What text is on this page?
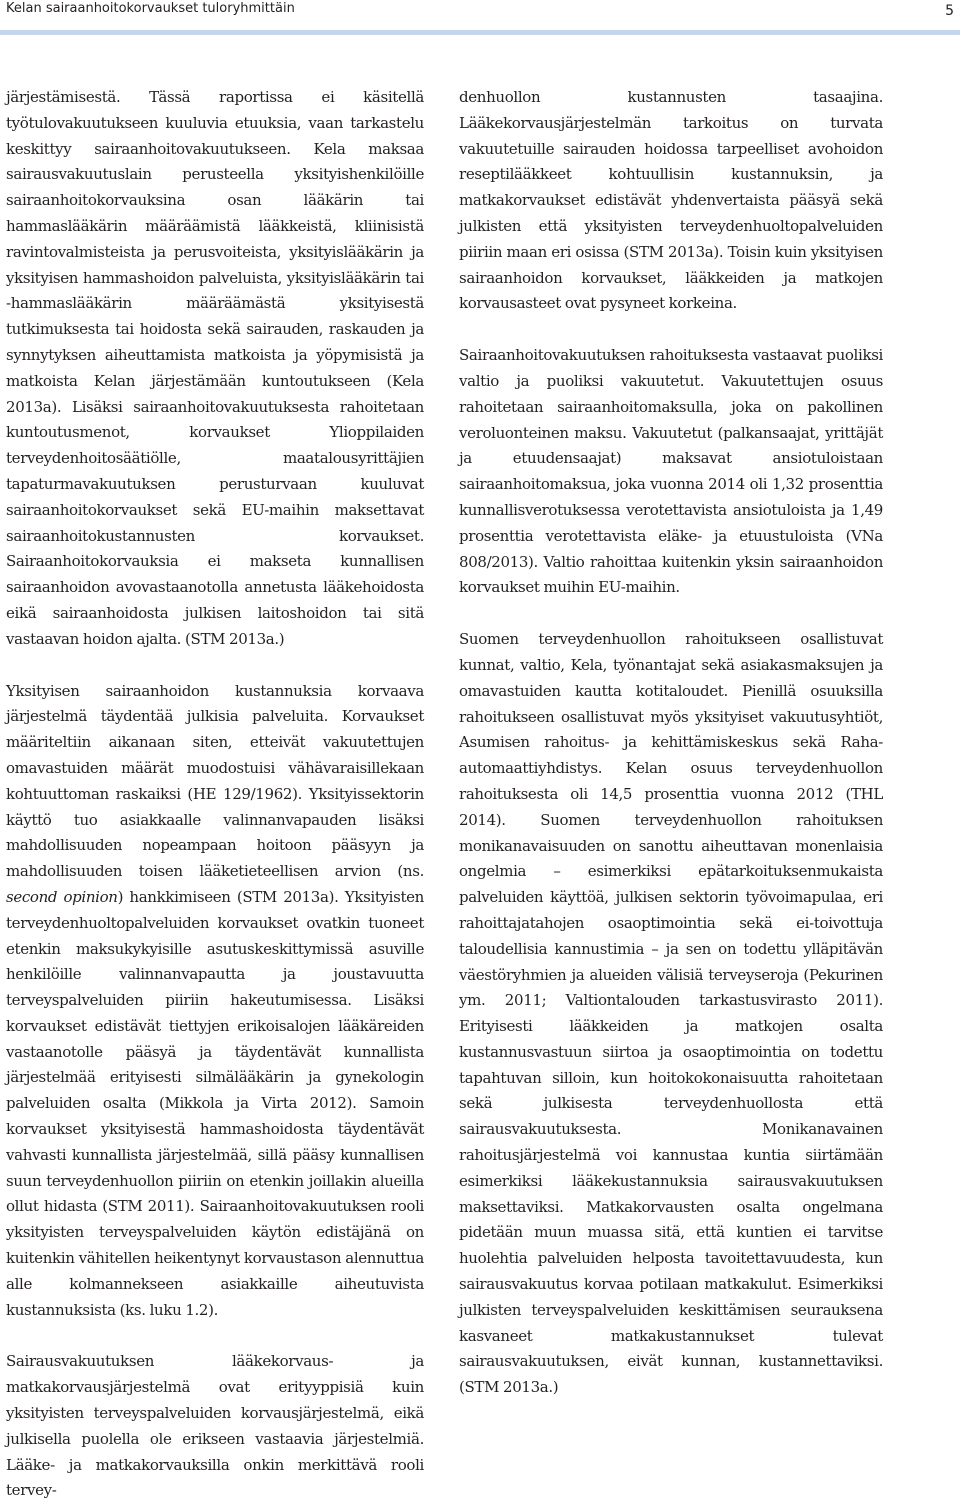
Kelan sairaanhoitokorvaukset tuloryhmittäin	5

järjestämisestä. Tässä raportissa ei käsitellä työtulovakuutukseen kuuluvia etuuksia, vaan tarkastelu keskittyy sairaanhoitovakuutukseen. Kela maksaa sairausvakuutuslain perusteella yksityishenkilöille sairaanhoitokorvauksina osan lääkärin tai hammaslääkärin määräämistä lääkkeistä, kliinisistä ravintovalmisteista ja perusvoiteista, yksityislääkärin ja yksityisen hammashoidon palveluista, yksityislääkärin tai -hammaslääkärin määräämästä yksityisestä tutkimuksesta tai hoidosta sekä sairauden, raskauden ja synnytyksen aiheuttamista matkoista ja yöpymisistä ja matkoista Kelan järjestämään kuntoutukseen (Kela 2013a). Lisäksi sairaanhoitovakuutuksesta rahoitetaan kuntoutusmenot, korvaukset Ylioppilaiden terveydenhoitosäätiölle, maatalousyrittäjien tapaturmavakuutuksen perusturvaan kuuluvat sairaanhoitokorvaukset sekä EU-maihin maksettavat sairaanhoitokustannusten korvaukset. Sairaanhoitokorvauksia ei makseta kunnallisen sairaanhoidon avovastaanotolla annetusta lääkehoidosta eikä sairaanhoidosta julkisen laitoshoidon tai sitä vastaavan hoidon ajalta. (STM 2013a.)

Yksityisen sairaanhoidon kustannuksia korvaava järjestelmä täydentää julkisia palveluita. Korvaukset määriteltiin aikanaan siten, etteivät vakuutettujen omavastuiden määrät muodostuisi vähävaraisillekaan kohtuuttoman raskaiksi (HE 129/1962). Yksityissektorin käyttö tuo asiakkaalle valinnanvapauden lisäksi mahdollisuuden nopeampaan hoitoon pääsyyn ja mahdollisuuden toisen lääketieteellisen arvion (ns. second opinion) hankkimiseen (STM 2013a). Yksityisten terveydenhuoltopalveluiden korvaukset ovatkin tuoneet etenkin maksukykyisille asutuskeskittymissä asuville henkilöille valinnanvapautta ja joustavuutta terveyspalveluiden piiriin hakeutumisessa. Lisäksi korvaukset edistävät tiettyjen erikoisalojen lääkäreiden vastaanotolle pääsyä ja täydentävät kunnallista järjestelmää erityisesti silmälääkärin ja gynekologin palveluiden osalta (Mikkola ja Virta 2012). Samoin korvaukset yksityisestä hammashoidosta täydentävät vahvasti kunnallista järjestelmää, sillä pääsy kunnallisen suun terveydenhuollon piiriin on etenkin joillakin alueilla ollut hidasta (STM 2011). Sairaanhoitovakuutuksen rooli yksityisten terveyspalveluiden käytön edistäjänä on kuitenkin vähitellen heikentynyt korvaustason alennuttua alle kolmannekseen asiakkaille aiheutuvista kustannuksista (ks. luku 1.2).

Sairausvakuutuksen lääkekorvaus- ja matkakorvausjärjestelmä ovat erityyppisiä kuin yksityisten terveyspalveluiden korvausjärjestelmä, eikä julkisella puolella ole erikseen vastaavia järjestelmiä. Lääke- ja matkakorvauksilla onkin merkittävä rooli tervey-

denhuollon kustannusten tasaajina. Lääkekorvausjärjestelmän tarkoitus on turvata vakuutetuille sairauden hoidossa tarpeelliset avohoidon reseptilääkkeet kohtuullisin kustannuksin, ja matkakorvaukset edistävät yhdenvertaista pääsyä sekä julkisten että yksityisten terveydenhuoltopalveluiden piiriin maan eri osissa (STM 2013a). Toisin kuin yksityisen sairaanhoidon korvaukset, lääkkeiden ja matkojen korvausasteet ovat pysyneet korkeina.

Sairaanhoitovakuutuksen rahoituksesta vastaavat puoliksi valtio ja puoliksi vakuutetut. Vakuutettujen osuus rahoitetaan sairaanhoitomaksulla, joka on pakollinen veroluonteinen maksu. Vakuutetut (palkansaajat, yrittäjät ja etuudensaajat) maksavat ansiotuloistaan sairaanhoitomaksua, joka vuonna 2014 oli 1,32 prosenttia kunnallisverotuksessa verotettavista ansiotuloista ja 1,49 prosenttia verotettavista eläke- ja etuustuloista (VNa 808/2013). Valtio rahoittaa kuitenkin yksin sairaanhoidon korvaukset muihin EU-maihin.

Suomen terveydenhuollon rahoitukseen osallistuvat kunnat, valtio, Kela, työnantajat sekä asiakasmaksujen ja omavastuiden kautta kotitaloudet. Pienillä osuuksilla rahoitukseen osallistuvat myös yksityiset vakuutusyhtiöt, Asumisen rahoitus- ja kehittämiskeskus sekä Raha-automaattiyhdistys. Kelan osuus terveydenhuollon rahoituksesta oli 14,5 prosenttia vuonna 2012 (THL 2014). Suomen terveydenhuollon rahoituksen monikanavaisuuden on sanottu aiheuttavan monenlaisia ongelmia – esimerkiksi epätarkoituksenmukaista palveluiden käyttöä, julkisen sektorin työvoimapulaa, eri rahoittajatahojen osaoptimointia sekä ei-toivottuja taloudellisia kannustimia – ja sen on todettu ylläpitävän väestöryhmien ja alueiden välisiä terveyseroja (Pekurinen ym. 2011; Valtiontalouden tarkastusvirasto 2011). Erityisesti lääkkeiden ja matkojen osalta kustannusvastuun siirtoa ja osaoptimointia on todettu tapahtuvan silloin, kun hoitokokonaisuutta rahoitetaan sekä julkisesta terveydenhuollosta että sairausvakuutuksesta. Monikanavainen rahoitusjärjestelmä voi kannustaa kuntia siirtämään esimerkiksi lääkekustannuksia sairausvakuutuksen maksettaviksi. Matkakorvausten osalta ongelmana pidetään muun muassa sitä, että kuntien ei tarvitse huolehtia palveluiden helposta tavoitettavuudesta, kun sairausvakuutus korvaa potilaan matkakulut. Esimerkiksi julkisten terveyspalveluiden keskittämisen seurauksena kasvaneet matkakustannukset tulevat sairausvakuutuksen, eivät kunnan, kustannettaviksi. (STM 2013a.)
